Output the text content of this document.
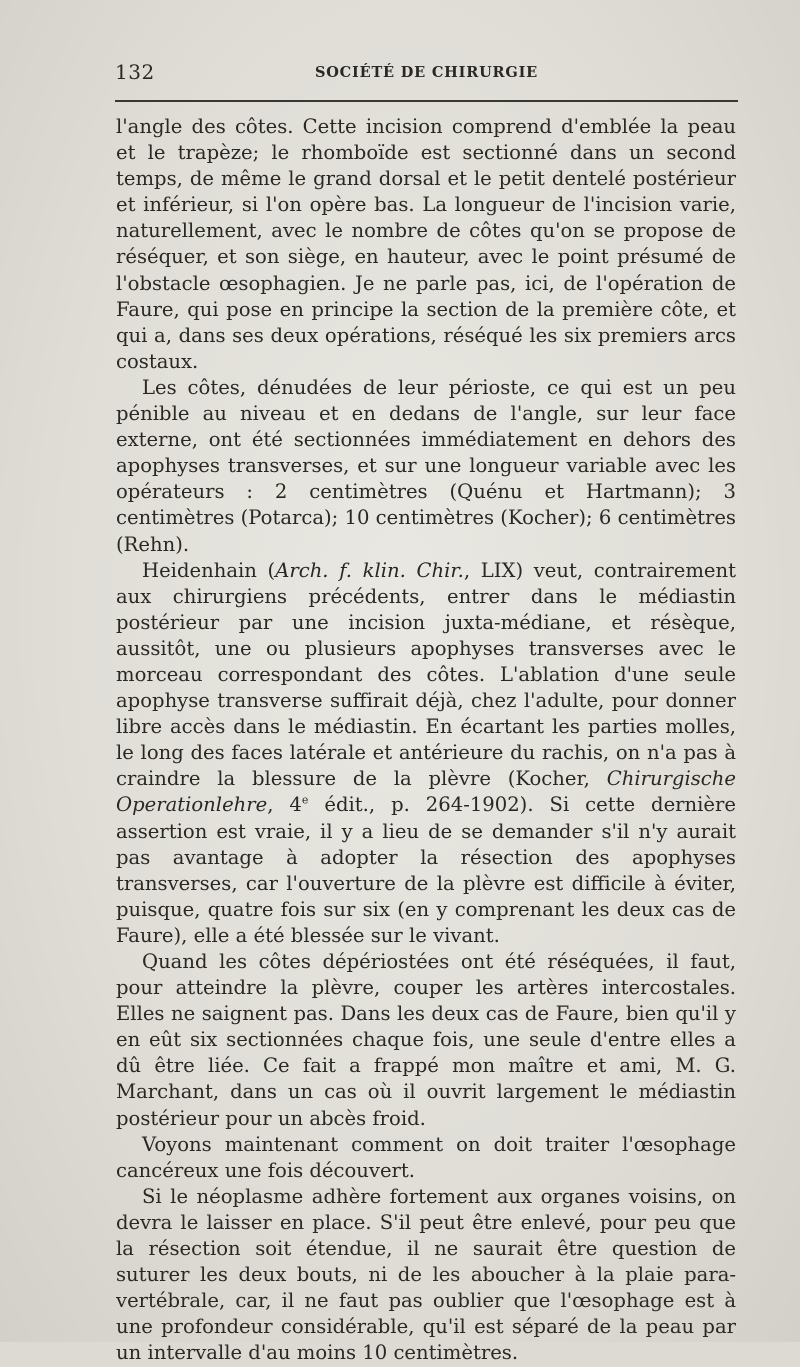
132	SOCIÉTÉ DE CHIRURGIE

l'angle des côtes. Cette incision comprend d'emblée la peau et le trapèze; le rhomboïde est sectionné dans un second temps, de même le grand dorsal et le petit dentelé postérieur et inférieur, si l'on opère bas. La longueur de l'incision varie, naturellement, avec le nombre de côtes qu'on se propose de réséquer, et son siège, en hauteur, avec le point présumé de l'obstacle œsophagien. Je ne parle pas, ici, de l'opération de Faure, qui pose en principe la section de la première côte, et qui a, dans ses deux opérations, réséqué les six premiers arcs costaux.

Les côtes, dénudées de leur périoste, ce qui est un peu pénible au niveau et en dedans de l'angle, sur leur face externe, ont été sectionnées immédiatement en dehors des apophyses transverses, et sur une longueur variable avec les opérateurs : 2 centimètres (Quénu et Hartmann); 3 centimètres (Potarca); 10 centimètres (Kocher); 6 centimètres (Rehn).

Heidenhain (Arch. f. klin. Chir., LIX) veut, contrairement aux chirurgiens précédents, entrer dans le médiastin postérieur par une incision juxta-médiane, et résèque, aussitôt, une ou plusieurs apophyses transverses avec le morceau correspondant des côtes. L'ablation d'une seule apophyse transverse suffirait déjà, chez l'adulte, pour donner libre accès dans le médiastin. En écartant les parties molles, le long des faces latérale et antérieure du rachis, on n'a pas à craindre la blessure de la plèvre (Kocher, Chirurgische Operationlehre, 4e édit., p. 264-1902). Si cette dernière assertion est vraie, il y a lieu de se demander s'il n'y aurait pas avantage à adopter la résection des apophyses transverses, car l'ouverture de la plèvre est difficile à éviter, puisque, quatre fois sur six (en y comprenant les deux cas de Faure), elle a été blessée sur le vivant.

Quand les côtes dépériostées ont été réséquées, il faut, pour atteindre la plèvre, couper les artères intercostales. Elles ne saignent pas. Dans les deux cas de Faure, bien qu'il y en eût six sectionnées chaque fois, une seule d'entre elles a dû être liée. Ce fait a frappé mon maître et ami, M. G. Marchant, dans un cas où il ouvrit largement le médiastin postérieur pour un abcès froid.

Voyons maintenant comment on doit traiter l'œsophage cancéreux une fois découvert.

Si le néoplasme adhère fortement aux organes voisins, on devra le laisser en place. S'il peut être enlevé, pour peu que la résection soit étendue, il ne saurait être question de suturer les deux bouts, ni de les aboucher à la plaie para-vertébrale, car, il ne faut pas oublier que l'œsophage est à une profondeur considérable, qu'il est séparé de la peau par un intervalle d'au moins 10 centimètres.
